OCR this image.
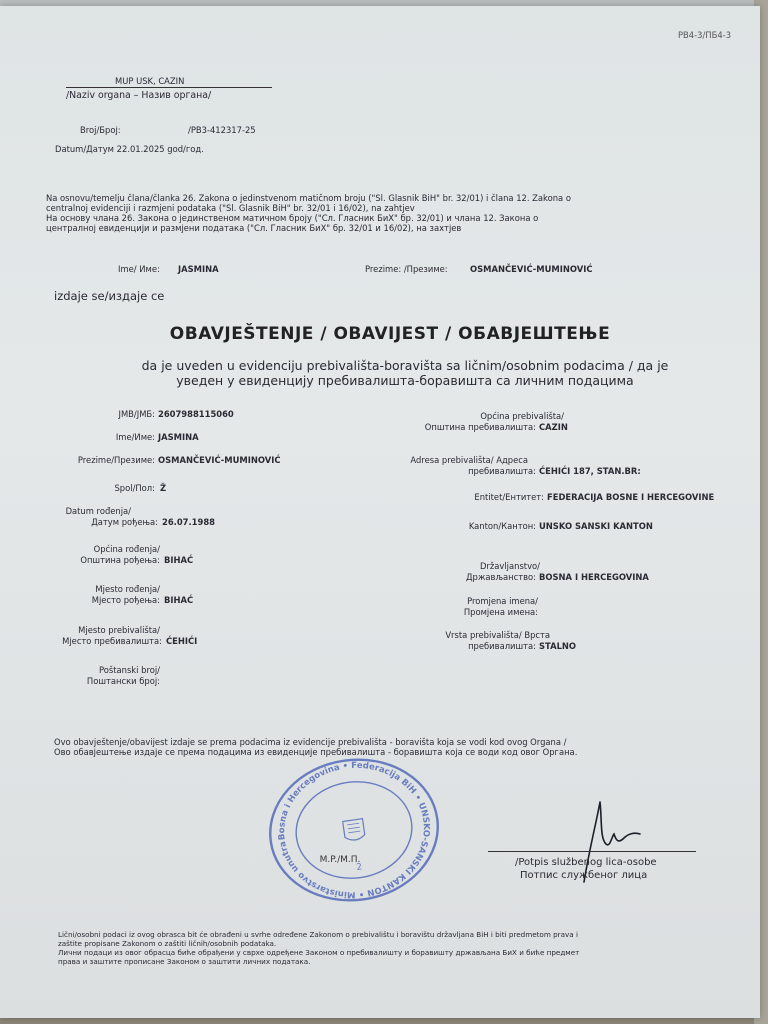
РВ4-3/ПБ4-3
MUP USK, CAZIN
/Naziv organa – Назив органа/
Broj/Број:	/PB3-412317-25
Datum/Датум 22.01.2025 god/год.
Na osnovu/temelju člana/članka 26. Zakona o jedinstvenom matičnom broju ("Sl. Glasnik BiH" br. 32/01) i člana 12. Zakona o
centralnoj evidenciji i razmjeni podataka ("Sl. Glasnik BiH" br. 32/01 i 16/02), na zahtjev
На основу члана 26. Закона о јединственом матичном броју ("Сл. Гласник БиХ" бр. 32/01) и члана 12. Закона о
централној евиденцији и размјени података ("Сл. Гласник БиХ" бр. 32/01 и 16/02), на захтјев
Ime/ Име: JASMINA	Prezime: /Презиме:	OSMANČEVIĆ-MUMINOVIĆ
izdaje se/издаје се
OBAVJEŠTENJE / OBAVIJEST / ОБАВЈЕШТЕЊЕ
da je uveden u evidenciju prebivališta-boravišta sa ličnim/osobnim podacima / да је
уведен у евиденцију пребивалишта-боравишта са личним подацима
JMB/ЈМБ: 2607988115060
Ime/Име: JASMINA
Prezime/Презиме: OSMANČEVIĆ-MUMINOVIĆ
Spol/Пол: Ž
Datum rođenja/
Датум рођења: 26.07.1988
Općina rođenja/
Општина рођења: BIHAĆ
Mjesto rođenja/
Мјесто рођења: BIHAĆ
Mjesto prebivališta/
Мјесто пребивалишта: ĆEHIĆI
Poštanski broj/
Поштански број:
Općina prebivališta/
Општина пребивалишта: CAZIN
Adresa prebivališta/ Адреса
пребивалишта: ĆEHIĆI 187, STAN.BR:
Entitet/Ентитет: FEDERACIJA BOSNE I HERCEGOVINE
Kanton/Кантон: UNSKO SANSKI KANTON
Državljanstvo/
Држављанство: BOSNA I HERCEGOVINA
Promjena imena/
Промјена имена:
Vrsta prebivališta/ Врста
пребивалишта: STALNO
Ovo obavještenje/obavijest izdaje se prema podacima iz evidencije prebivališta - boravišta koja se vodi kod ovog Organa /
Ово обавјештење издаје се према подацима из евиденције пребивалишта - боравишта која се води код овог Органа.
Bosna i Hercegovina • Federacija BiH • UNSKO-SANSKI KANTON • Ministarstvo unutrašnjih
2
M.P./М.П.	/Potpis službenog lica-osobe
Потпис службеног лица
Lični/osobni podaci iz ovog obrasca bit će obrađeni u svrhe određene Zakonom o prebivalištu i boravištu državljana BiH i biti predmetom prava i
zaštite propisane Zakonom o zaštiti ličnih/osobnih podataka.
Лични подаци из овог обрасца биће обрађени у сврхе одређене Законом о пребивалишту и боравишту држављана БиХ и биће предмет
права и заштите прописане Законом о заштити личних података.
